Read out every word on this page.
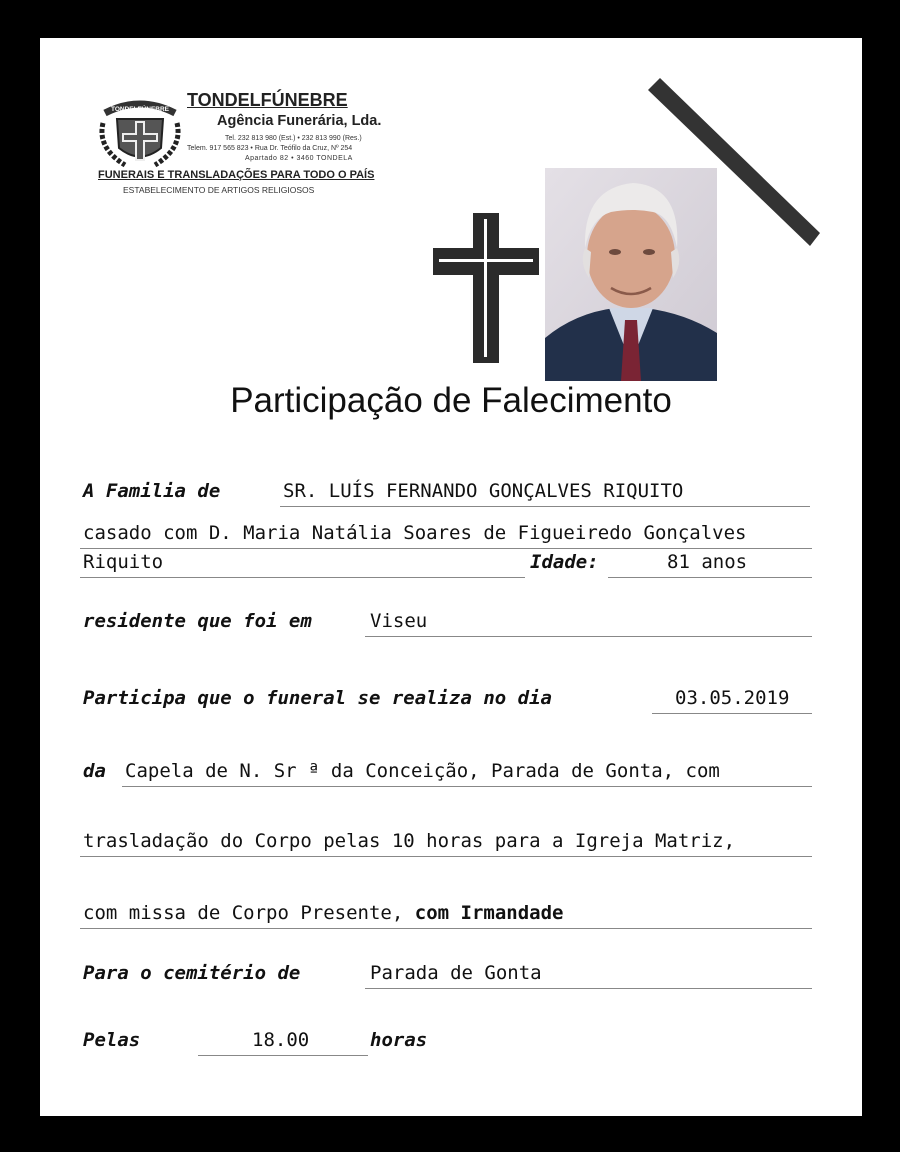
TONDELFÚNEBRE TONDELFÚNEBRE
Agência Funerária, Lda.
Tel. 232 813 980 (Est.) • 232 813 990 (Res.)
Telem. 917 565 823 • Rua Dr. Teófilo da Cruz, Nº 254
Apartado 82 • 3460 TONDELA
FUNERAIS E TRANSLADAÇÕES PARA TODO O PAÍS
ESTABELECIMENTO DE ARTIGOS RELIGIOSOS
Participação de Falecimento
A Familia de	SR. LUÍS FERNANDO GONÇALVES RIQUITO
casado com D. Maria Natália Soares de Figueiredo Gonçalves
Riquito	Idade:	81 anos
residente que foi em	Viseu
Participa que o funeral se realiza no dia	03.05.2019
da Capela de N. Sr ª da Conceição, Parada de Gonta, com
trasladação do Corpo pelas 10 horas para a Igreja Matriz,
com missa de Corpo Presente, com Irmandade
Para o cemitério de	Parada de Gonta
Pelas	18.00	horas
